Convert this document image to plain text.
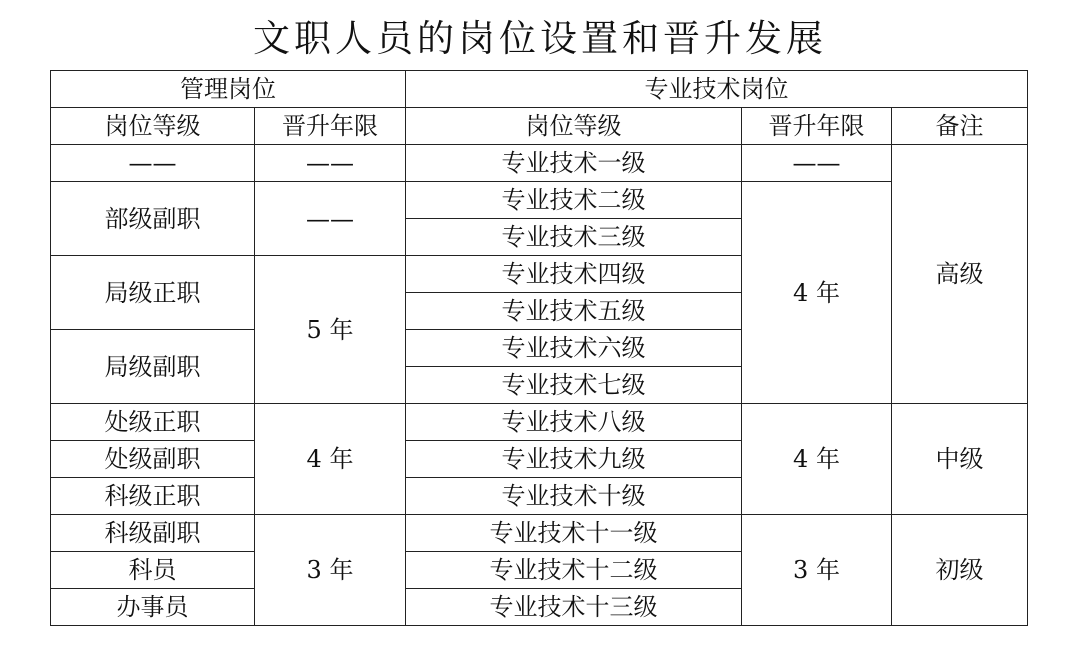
文职人员的岗位设置和晋升发展
管理岗位		专业技术岗位		
岗位等级	晋升年限	岗位等级	晋升年限	备注
——	——	专业技术一级	——	高级
部级副职	——	专业技术二级	4 年	
		专业技术三级		
局级正职	5 年	专业技术四级		
		专业技术五级		
局级副职		专业技术六级		
		专业技术七级		
处级正职	4 年	专业技术八级	4 年	中级
处级副职		专业技术九级		
科级正职		专业技术十级		
科级副职	3 年	专业技术十一级	3 年	初级
科员		专业技术十二级		
办事员		专业技术十三级		
